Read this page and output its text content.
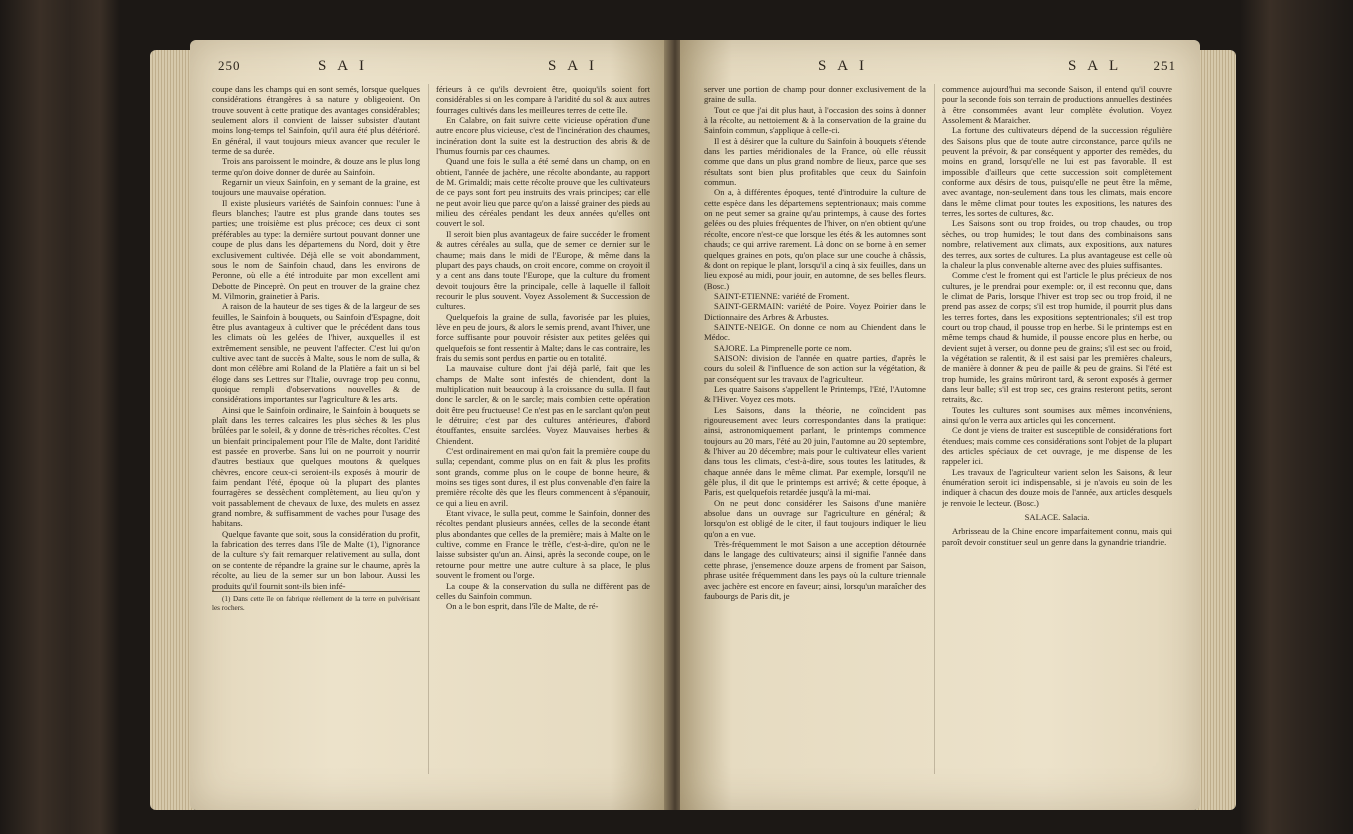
250	S A I	S A I

coupe dans les champs qui en sont semés, lorsque quelques considérations étrangères à sa nature y obligeoient. On trouve souvent à cette pratique des avantages considérables; seulement alors il convient de laisser subsister d'autant moins long-temps tel Sainfoin, qu'il aura été plus détérioré. En général, il vaut toujours mieux avancer que reculer le terme de sa durée.

Trois ans paroissent le moindre, & douze ans le plus long terme qu'on doive donner de durée au Sainfoin.

Regarnir un vieux Sainfoin, en y semant de la graine, est toujours une mauvaise opération.

Il existe plusieurs variétés de Sainfoin connues: l'une à fleurs blanches; l'autre est plus grande dans toutes ses parties; une troisième est plus précoce; ces deux ci sont préférables au type: la dernière surtout pouvant donner une coupe de plus dans les départemens du Nord, doit y être exclusivement cultivée. Déjà elle se voit abondamment, sous le nom de Sainfoin chaud, dans les environs de Peronne, où elle a été introduite par mon excellent ami Debotte de Pinceprè. On peut en trouver de la graine chez M. Vilmorin, grainetier à Paris.

A raison de la hauteur de ses tiges & de la largeur de ses feuilles, le Sainfoin à bouquets, ou Sainfoin d'Espagne, doit être plus avantageux à cultiver que le précédent dans tous les climats où les gelées de l'hiver, auxquelles il est extrêmement sensible, ne peuvent l'affecter. C'est lui qu'on cultive avec tant de succès à Malte, sous le nom de sulla, & dont mon célèbre ami Roland de la Platière a fait un si bel éloge dans ses Lettres sur l'Italie, ouvrage trop peu connu, quoique rempli d'observations nouvelles & de considérations importantes sur l'agriculture & les arts.

Ainsi que le Sainfoin ordinaire, le Sainfoin à bouquets se plaît dans les terres calcaires les plus sèches & les plus brûlées par le soleil, & y donne de très-riches récoltes. C'est un bienfait principalement pour l'île de Malte, dont l'aridité est passée en proverbe. Sans lui on ne pourroit y nourrir d'autres bestiaux que quelques moutons & quelques chèvres, encore ceux-ci seroient-ils exposés à mourir de faim pendant l'été, époque où la plupart des plantes fourragères se dessèchent complètement, au lieu qu'on y voit passablement de chevaux de luxe, des mulets en assez grand nombre, & suffisamment de vaches pour l'usage des habitans.

Quelque favante que soit, sous la considération du profit, la fabrication des terres dans l'île de Malte (1), l'ignorance de la culture s'y fait remarquer relativement au sulla, dont on se contente de répandre la graine sur le chaume, après la récolte, au lieu de la semer sur un bon labour. Aussi les produits qu'il fournit sont-ils bien infé-

(1) Dans cette île on fabrique réellement de la terre en pulvérisant les rochers.

férieurs à ce qu'ils devroient être, quoiqu'ils soient fort considérables si on les compare à l'aridité du sol & aux autres fourrages cultivés dans les meilleures terres de cette île.

En Calabre, on fait suivre cette vicieuse opération d'une autre encore plus vicieuse, c'est de l'incinération des chaumes, incinération dont la suite est la destruction des abris & de l'humus fournis par ces chaumes.

Quand une fois le sulla a été semé dans un champ, on en obtient, l'année de jachère, une récolte abondante, au rapport de M. Grimaldi; mais cette récolte prouve que les cultivateurs de ce pays sont fort peu instruits des vrais principes; car elle ne peut avoir lieu que parce qu'on a laissé grainer des pieds au milieu des céréales pendant les deux années qu'elles ont couvert le sol.

Il seroit bien plus avantageux de faire succéder le froment & autres céréales au sulla, que de semer ce dernier sur le chaume; mais dans le midi de l'Europe, & même dans la plupart des pays chauds, on croit encore, comme on croyoit il y a cent ans dans toute l'Europe, que la culture du froment devoit toujours être la principale, celle à laquelle il falloit recourir le plus souvent. Voyez Assolement & Succession de cultures.

Quelquefois la graine de sulla, favorisée par les pluies, lève en peu de jours, & alors le semis prend, avant l'hiver, une force suffisante pour pouvoir résister aux petites gelées qui quelquefois se font ressentir à Malte; dans le cas contraire, les frais du semis sont perdus en partie ou en totalité.

La mauvaise culture dont j'ai déjà parlé, fait que les champs de Malte sont infestés de chiendent, dont la multiplication nuit beaucoup à la croissance du sulla. Il faut donc le sarcler, & on le sarcle; mais combien cette opération doit être peu fructueuse! Ce n'est pas en le sarclant qu'on peut le détruire; c'est par des cultures antérieures, d'abord étouffantes, ensuite sarclées. Voyez Mauvaises herbes & Chiendent.

C'est ordinairement en mai qu'on fait la première coupe du sulla; cependant, comme plus on en fait & plus les profits sont grands, comme plus on le coupe de bonne heure, & moins ses tiges sont dures, il est plus convenable d'en faire la première récolte dès que les fleurs commencent à s'épanouir, ce qui a lieu en avril.

Etant vivace, le sulla peut, comme le Sainfoin, donner des récoltes pendant plusieurs années, celles de la seconde étant plus abondantes que celles de la première; mais à Malte on le cultive, comme en France le trèfle, c'est-à-dire, qu'on ne le laisse subsister qu'un an. Ainsi, après la seconde coupe, on le retourne pour mettre une autre culture à sa place, le plus souvent le froment ou l'orge.

La coupe & la conservation du sulla ne diffèrent pas de celles du Sainfoin commun.

On a le bon esprit, dans l'île de Malte, de ré-

S A I	S A L 251

server une portion de champ pour donner exclusivement de la graine de sulla.

Tout ce que j'ai dit plus haut, à l'occasion des soins à donner à la récolte, au nettoiement & à la conservation de la graine du Sainfoin commun, s'applique à celle-ci.

Il est à désirer que la culture du Sainfoin à bouquets s'étende dans les parties méridionales de la France, où elle réussit comme que dans un plus grand nombre de lieux, parce que ses résultats sont bien plus profitables que ceux du Sainfoin commun.

On a, à différentes époques, tenté d'introduire la culture de cette espèce dans les départemens septentrionaux; mais comme on ne peut semer sa graine qu'au printemps, à cause des fortes gelées ou des pluies fréquentes de l'hiver, on n'en obtient qu'une récolte, encore n'est-ce que lorsque les étés & les automnes sont chauds; ce qui arrive rarement. Là donc on se borne à en semer quelques graines en pots, qu'on place sur une couche à châssis, & dont on repique le plant, lorsqu'il a cinq à six feuilles, dans un lieu exposé au midi, pour jouir, en automne, de ses belles fleurs. (Bosc.)

SAINT-ETIENNE: variété de Froment.

SAINT-GERMAIN: variété de Poire. Voyez Poirier dans le Dictionnaire des Arbres & Arbustes.

SAINTE-NEIGE. On donne ce nom au Chiendent dans le Médoc.

SAJORE. La Pimprenelle porte ce nom.

SAISON: division de l'année en quatre parties, d'après le cours du soleil & l'influence de son action sur la végétation, & par conséquent sur les travaux de l'agriculteur.

Les quatre Saisons s'appellent le Printemps, l'Eté, l'Automne & l'Hiver. Voyez ces mots.

Les Saisons, dans la théorie, ne coïncident pas rigoureusement avec leurs correspondantes dans la pratique: ainsi, astronomiquement parlant, le printemps commence toujours au 20 mars, l'été au 20 juin, l'automne au 20 septembre, & l'hiver au 20 décembre; mais pour le cultivateur elles varient dans tous les climats, c'est-à-dire, sous toutes les latitudes, & chaque année dans le même climat. Par exemple, lorsqu'il ne gèle plus, il dit que le printemps est arrivé; & cette époque, à Paris, est quelquefois retardée jusqu'à la mi-mai.

On ne peut donc considérer les Saisons d'une manière absolue dans un ouvrage sur l'agriculture en général; & lorsqu'on est obligé de le citer, il faut toujours indiquer le lieu qu'on a en vue.

Très-fréquemment le mot Saison a une acception détournée dans le langage des cultivateurs; ainsi il signifie l'année dans cette phrase, j'ensemence douze arpens de froment par Saison, phrase usitée fréquemment dans les pays où la culture triennale avec jachère est encore en faveur; ainsi, lorsqu'un maraîcher des faubourgs de Paris dit, je

commence aujourd'hui ma seconde Saison, il entend qu'il couvre pour la seconde fois son terrain de productions annuelles destinées à être consommées avant leur complète évolution. Voyez Assolement & Maraicher.

La fortune des cultivateurs dépend de la succession régulière des Saisons plus que de toute autre circonstance, parce qu'ils ne peuvent la prévoir, & par conséquent y apporter des remèdes, du moins en grand, lorsqu'elle ne lui est pas favorable. Il est impossible d'ailleurs que cette succession soit complètement conforme aux désirs de tous, puisqu'elle ne peut être la même, avec avantage, non-seulement dans tous les climats, mais encore dans le même climat pour toutes les expositions, les natures des terres, les sortes de cultures, &c.

Les Saisons sont ou trop froides, ou trop chaudes, ou trop sèches, ou trop humides; le tout dans des combinaisons sans nombre, relativement aux climats, aux expositions, aux natures des terres, aux sortes de cultures. La plus avantageuse est celle où la chaleur la plus convenable alterne avec des pluies suffisantes.

Comme c'est le froment qui est l'article le plus précieux de nos cultures, je le prendrai pour exemple: or, il est reconnu que, dans le climat de Paris, lorsque l'hiver est trop sec ou trop froid, il ne prend pas assez de corps; s'il est trop humide, il pourrit plus dans les terres fortes, dans les expositions septentrionales; s'il est trop court ou trop chaud, il pousse trop en herbe. Si le printemps est en même temps chaud & humide, il pousse encore plus en herbe, ou devient sujet à verser, ou donne peu de grains; s'il est sec ou froid, la végétation se ralentit, & il est saisi par les premières chaleurs, de manière à donner & peu de paille & peu de grains. Si l'été est trop humide, les grains mûriront tard, & seront exposés à germer dans leur balle; s'il est trop sec, ces grains resteront petits, seront retraits, &c.

Toutes les cultures sont soumises aux mêmes inconvéniens, ainsi qu'on le verra aux articles qui les concernent.

Ce dont je viens de traiter est susceptible de considérations fort étendues; mais comme ces considérations sont l'objet de la plupart des articles spéciaux de cet ouvrage, je me dispense de les rappeler ici.

Les travaux de l'agriculteur varient selon les Saisons, & leur énumération seroit ici indispensable, si je n'avois eu soin de les indiquer à chacun des douze mois de l'année, aux articles desquels je renvoie le lecteur. (Bosc.)

SALACE. Salacia.

Arbrisseau de la Chine encore imparfaitement connu, mais qui paroît devoir constituer seul un genre dans la gynandrie triandrie.
